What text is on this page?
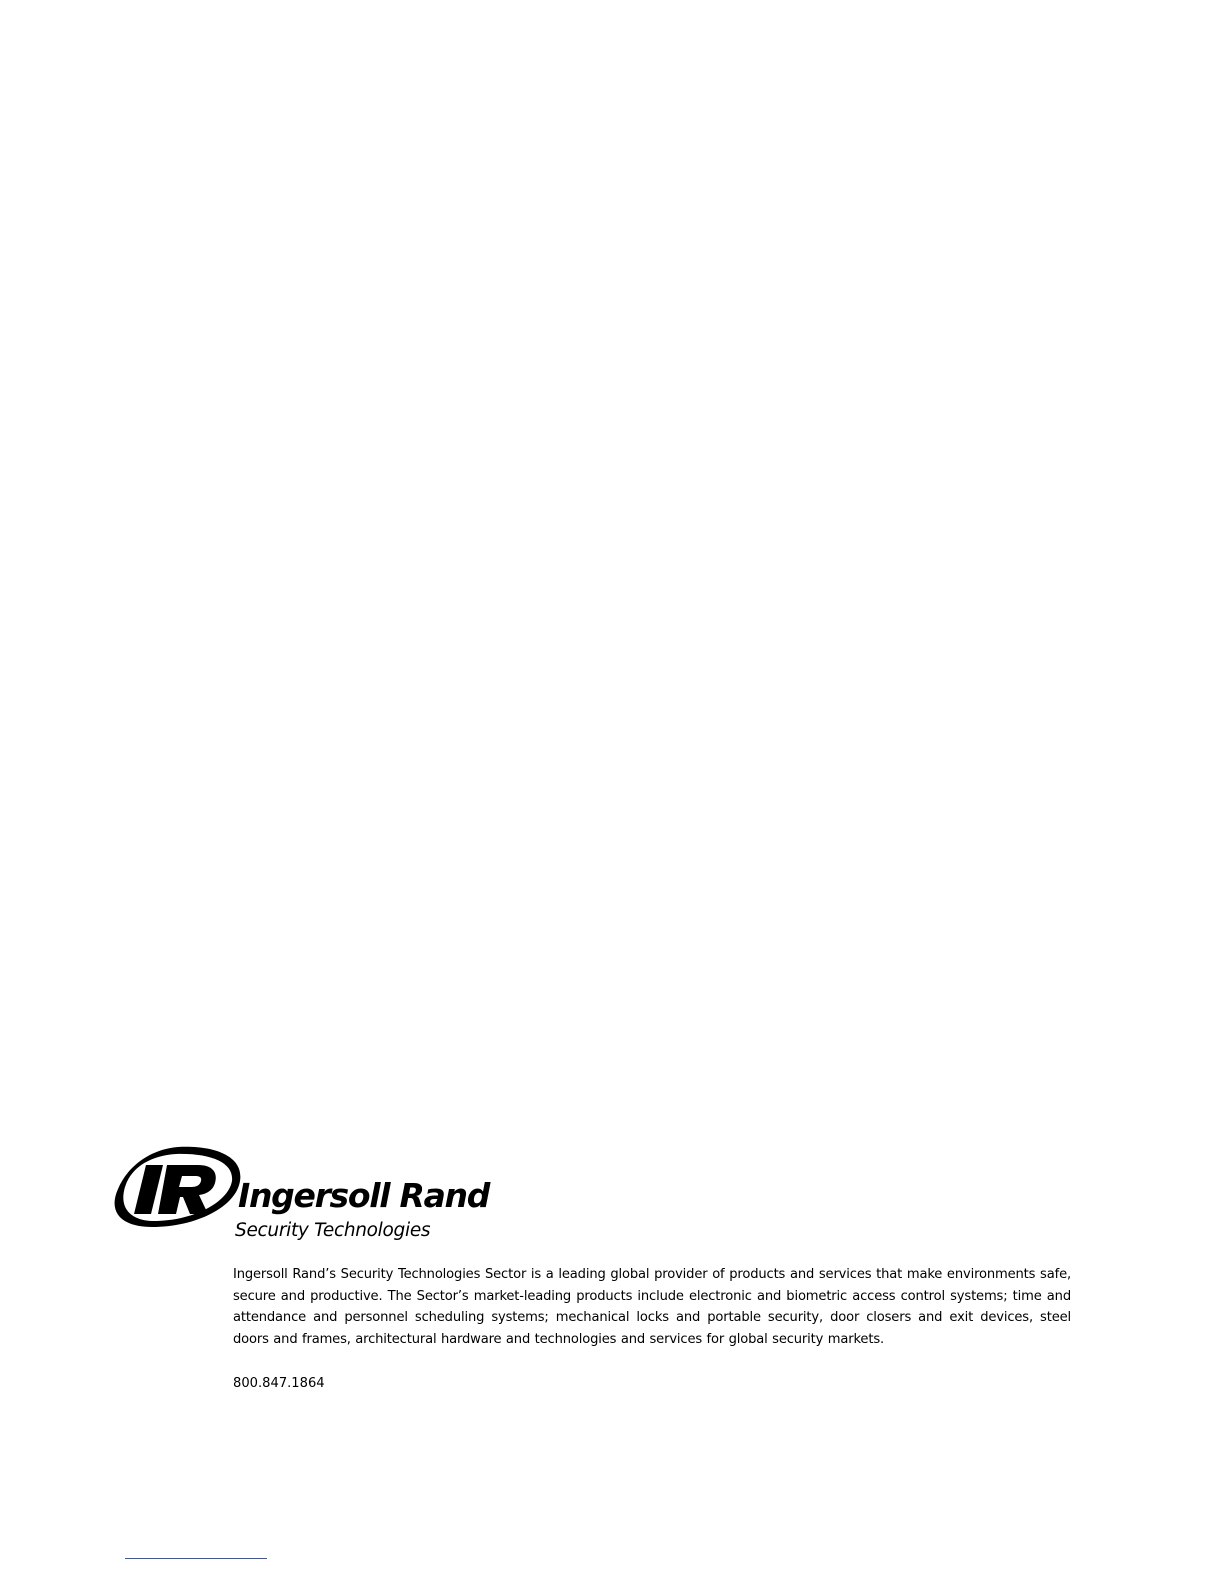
Ingersoll Rand
Security Technologies

Ingersoll Rand’s Security Technologies Sector is a leading global provider of products and services that make environments safe, secure and productive. The Sector’s market-leading products include electronic and biometric access control systems; time and attendance and personnel scheduling systems; mechanical locks and portable security, door closers and exit devices, steel doors and frames, architectural hardware and technologies and services for global security markets.

800.847.1864
